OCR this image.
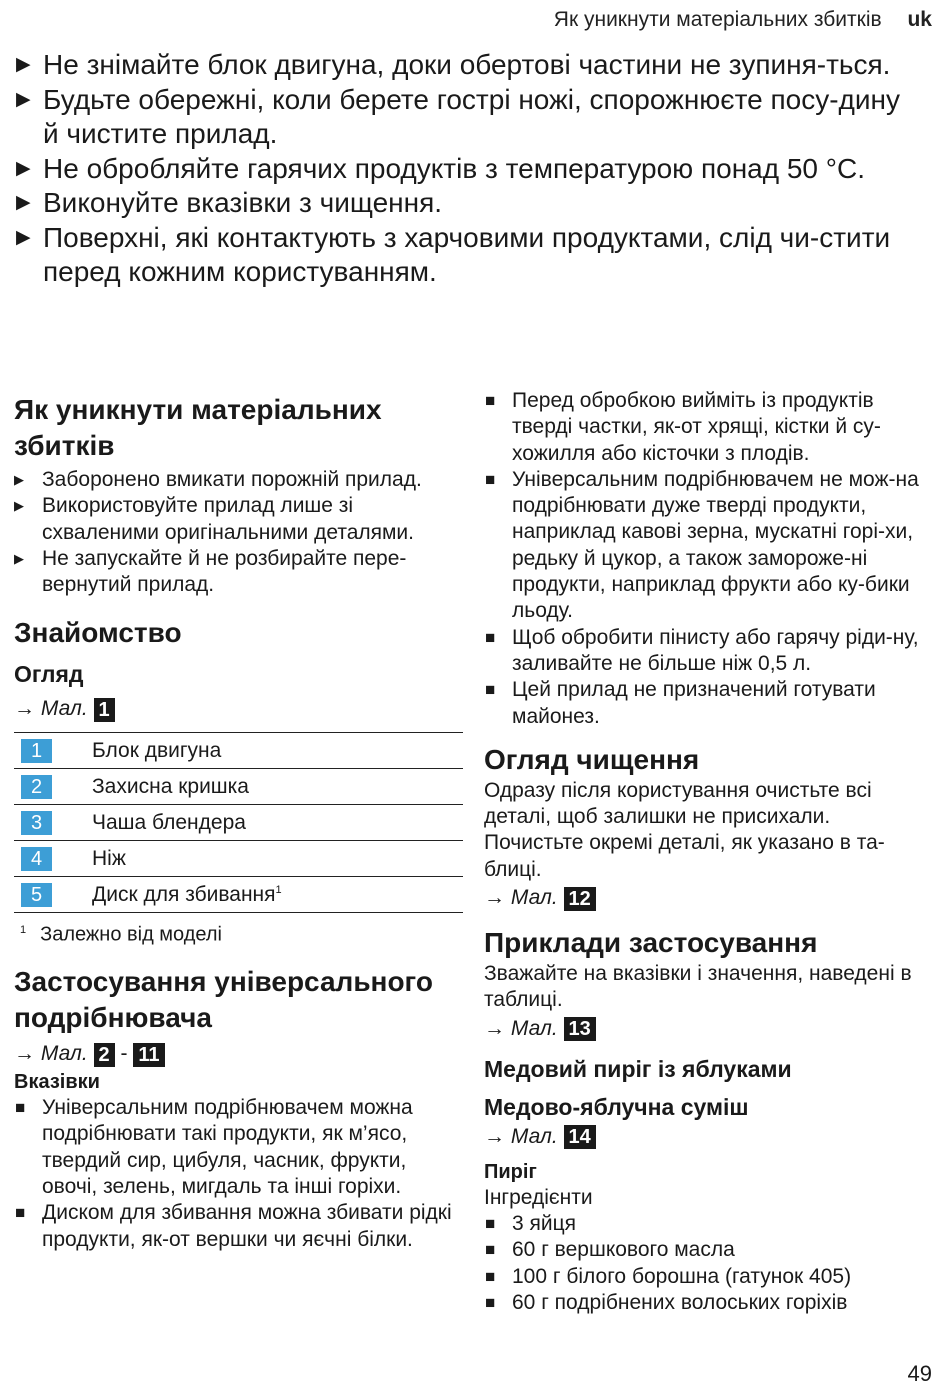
Як уникнути матеріальних збитків uk
▶ Не знімайте блок двигуна, доки обертові частини не зупиня-ться.
▶ Будьте обережні, коли берете гострі ножі, спорожнюєте посу-дину й чистите прилад.
▶ Не обробляйте гарячих продуктів з температурою понад 50 °C.
▶ Виконуйте вказівки з чищення.
▶ Поверхні, які контактують з харчовими продуктами, слід чи-стити перед кожним користуванням.
Як уникнути матеріальних збитків
▶ Заборонено вмикати порожній прилад.
▶ Використовуйте прилад лише зі схваленими оригінальними деталями.
▶ Не запускайте й не розбирайте пере-вернутий прилад.
Знайомство
Огляд
→ Мал. 1
1	Блок двигуна
2	Захисна кришка
3	Чаша блендера
4	Ніж
5	Диск для збивання$^1$
$^1$ Залежно від моделі
Застосування універсального подрібнювача
→ Мал. 2 - 11
Вказівки
■ Універсальним подрібнювачем можна подрібнювати такі продукти, як м’ясо, твердий сир, цибуля, часник, фрукти, овочі, зелень, мигдаль та інші горіхи.
■ Диском для збивання можна збивати рідкі продукти, як-от вершки чи яєчні білки.
■ Перед обробкою вийміть із продуктів тверді частки, як-от хрящі, кістки й су-хожилля або кісточки з плодів.
■ Універсальним подрібнювачем не мож-на подрібнювати дуже тверді продукти, наприклад кавові зерна, мускатні горі-хи, редьку й цукор, а також замороже-ні продукти, наприклад фрукти або ку-бики льоду.
■ Щоб обробити пінисту або гарячу ріди-ну, заливайте не більше ніж 0,5 л.
■ Цей прилад не призначений готувати майонез.
Огляд чищення

Одразу після користування очистьте всі деталі, щоб залишки не присихали.

Почистьте окремі деталі, як указано в та-блиці.

→ Мал. 12
Приклади застосування

Зважайте на вказівки і значення, наведені в таблиці.

→ Мал. 13
Медовий пиріг із яблуками
Медово-яблучна суміш
→ Мал. 14
Пиріг

Інгредієнти

■ 3 яйця
■ 60 г вершкового масла
■ 100 г білого борошна (гатунок 405)
■ 60 г подрібнених волоських горіхів
49
